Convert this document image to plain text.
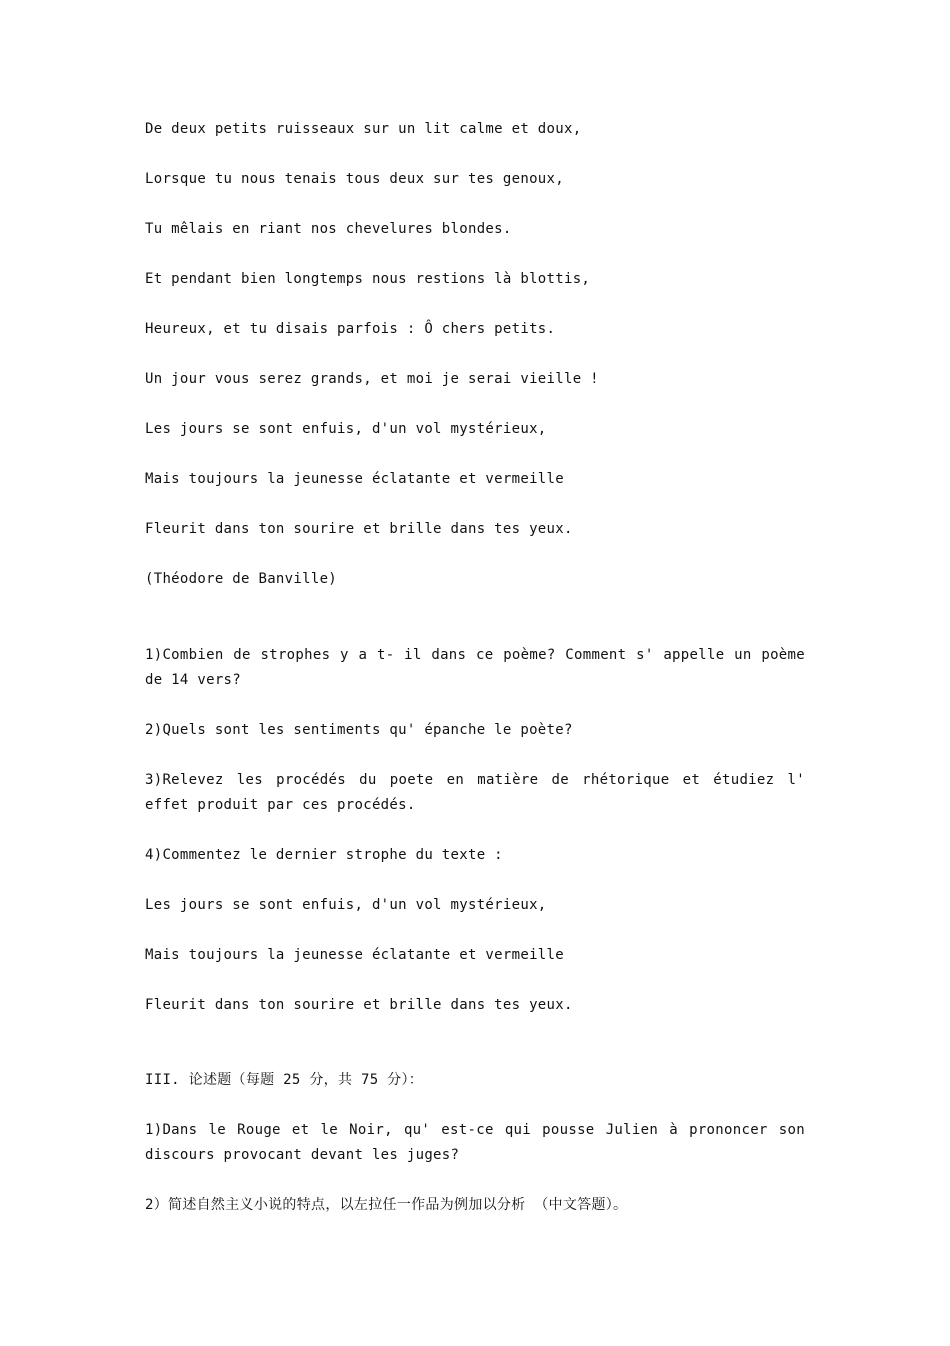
De deux petits ruisseaux sur un lit calme et doux,
Lorsque tu nous tenais tous deux sur tes genoux,
Tu mêlais en riant nos chevelures blondes.
Et pendant bien longtemps nous restions là blottis,
Heureux, et tu disais parfois : Ô chers petits.
Un jour vous serez grands, et moi je serai vieille !
Les jours se sont enfuis, d'un vol mystérieux,
Mais toujours la jeunesse éclatante et vermeille
Fleurit dans ton sourire et brille dans tes yeux.
(Théodore de Banville)
1)Combien de strophes y a t- il dans ce poème? Comment s' appelle un poème de 14 vers?
2)Quels sont les sentiments qu' épanche le poète?
3)Relevez les procédés du poete en matière de rhétorique et étudiez l' effet produit par ces procédés.
4)Commentez le dernier strophe du texte :
Les jours se sont enfuis, d'un vol mystérieux,
Mais toujours la jeunesse éclatante et vermeille
Fleurit dans ton sourire et brille dans tes yeux.
III. 论述题（每题 25 分，共 75 分）：
1)Dans le Rouge et le Noir, qu' est-ce qui pousse Julien à prononcer son discours provocant devant les juges?
2）简述自然主义小说的特点，以左拉任一作品为例加以分析 （中文答题）。
